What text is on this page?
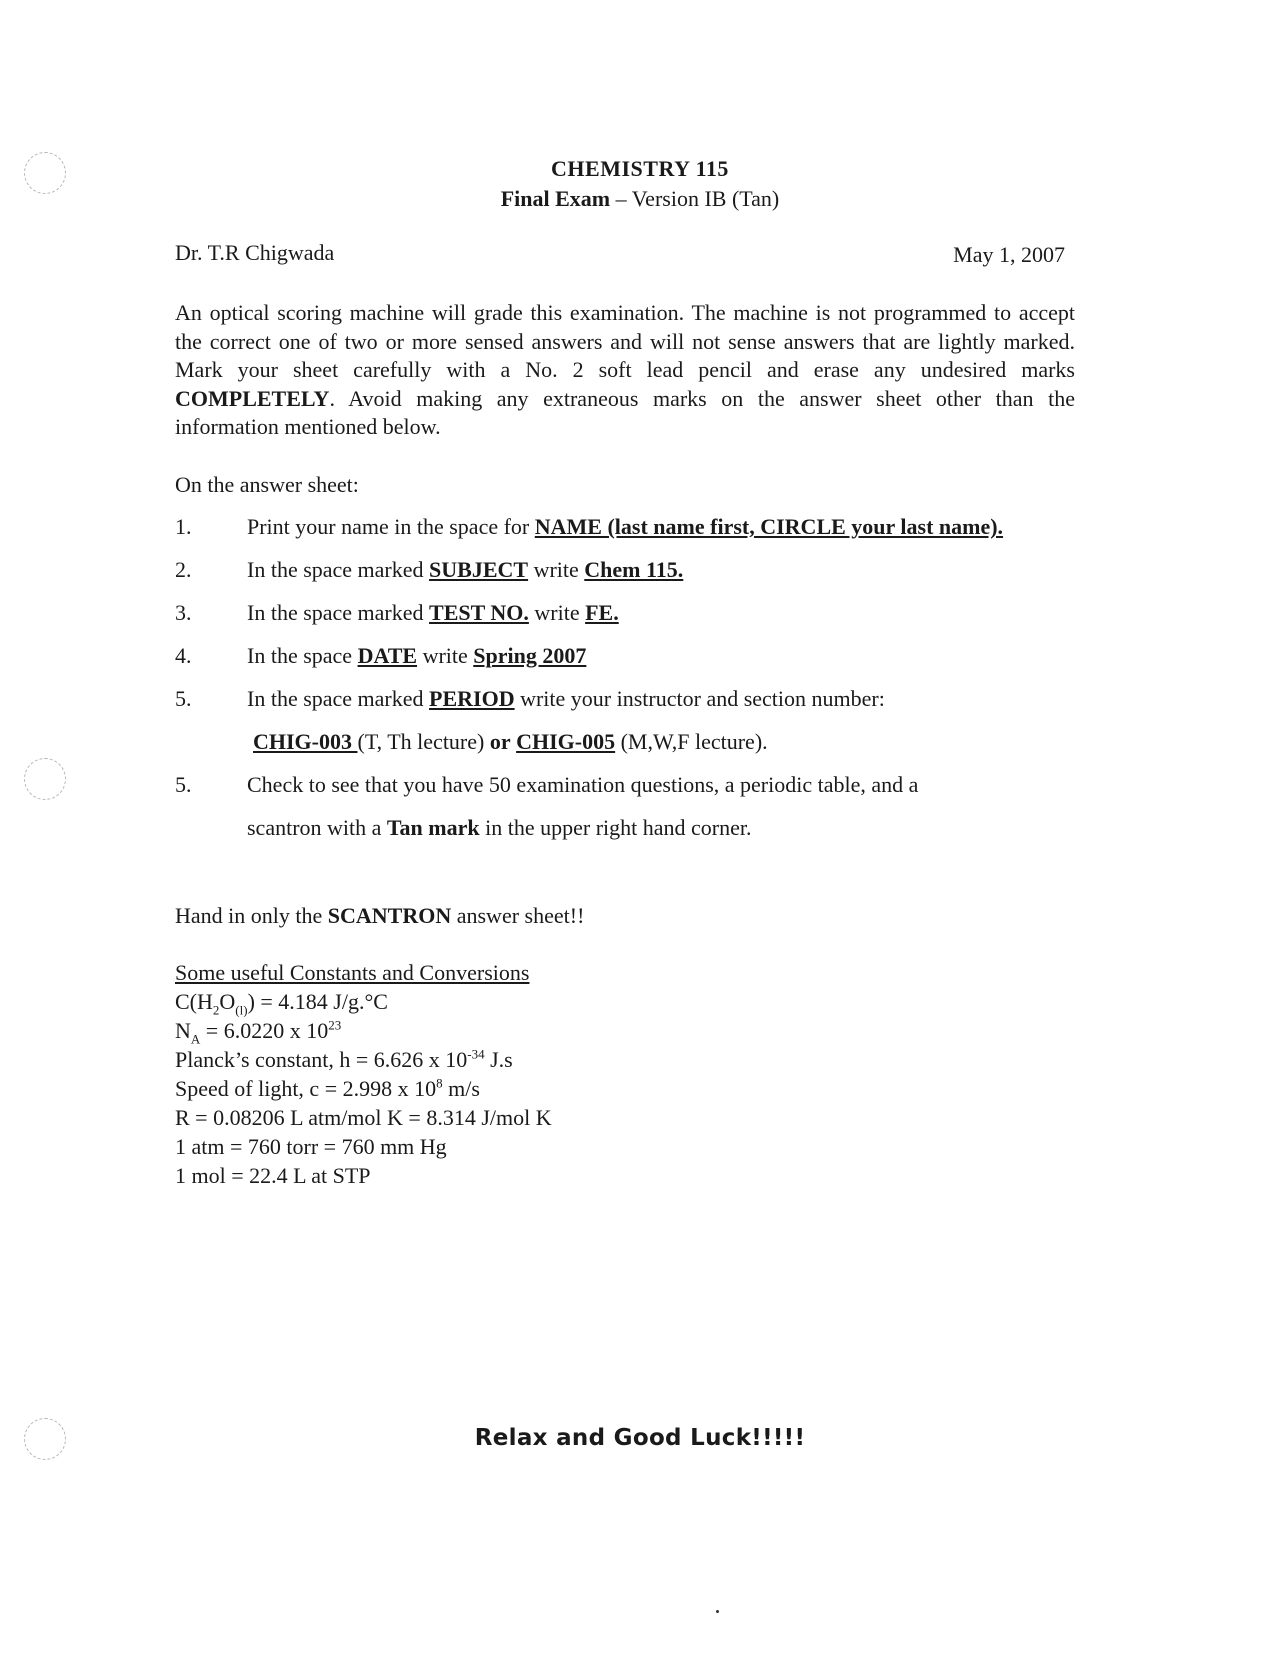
CHEMISTRY 115
Final Exam – Version IB (Tan)
Dr. T.R Chigwada	May 1, 2007
An optical scoring machine will grade this examination. The machine is not programmed to accept the correct one of two or more sensed answers and will not sense answers that are lightly marked. Mark your sheet carefully with a No. 2 soft lead pencil and erase any undesired marks COMPLETELY. Avoid making any extraneous marks on the answer sheet other than the information mentioned below.
On the answer sheet:
1.	Print your name in the space for NAME (last name first, CIRCLE your last name).
2.	In the space marked SUBJECT write Chem 115.
3.	In the space marked TEST NO. write FE.
4.	In the space DATE write Spring 2007
5.	In the space marked PERIOD write your instructor and section number:
CHIG-003 (T, Th lecture) or CHIG-005 (M,W,F lecture).
5.	Check to see that you have 50 examination questions, a periodic table, and a
scantron with a Tan mark in the upper right hand corner.
Hand in only the SCANTRON answer sheet!!
Some useful Constants and Conversions
$C(H_2O_{(l)}) = 4.184$ J/g.°C
$N_A = 6.0220$ x $10^{23}$
Planck’s constant, h = 6.626 x $10^{-34}$ J.s
Speed of light, c = 2.998 x $10^8$ m/s
R = 0.08206 L atm/mol K = 8.314 J/mol K
1 atm = 760 torr = 760 mm Hg
1 mol = 22.4 L at STP
Relax and Good Luck!!!!!
